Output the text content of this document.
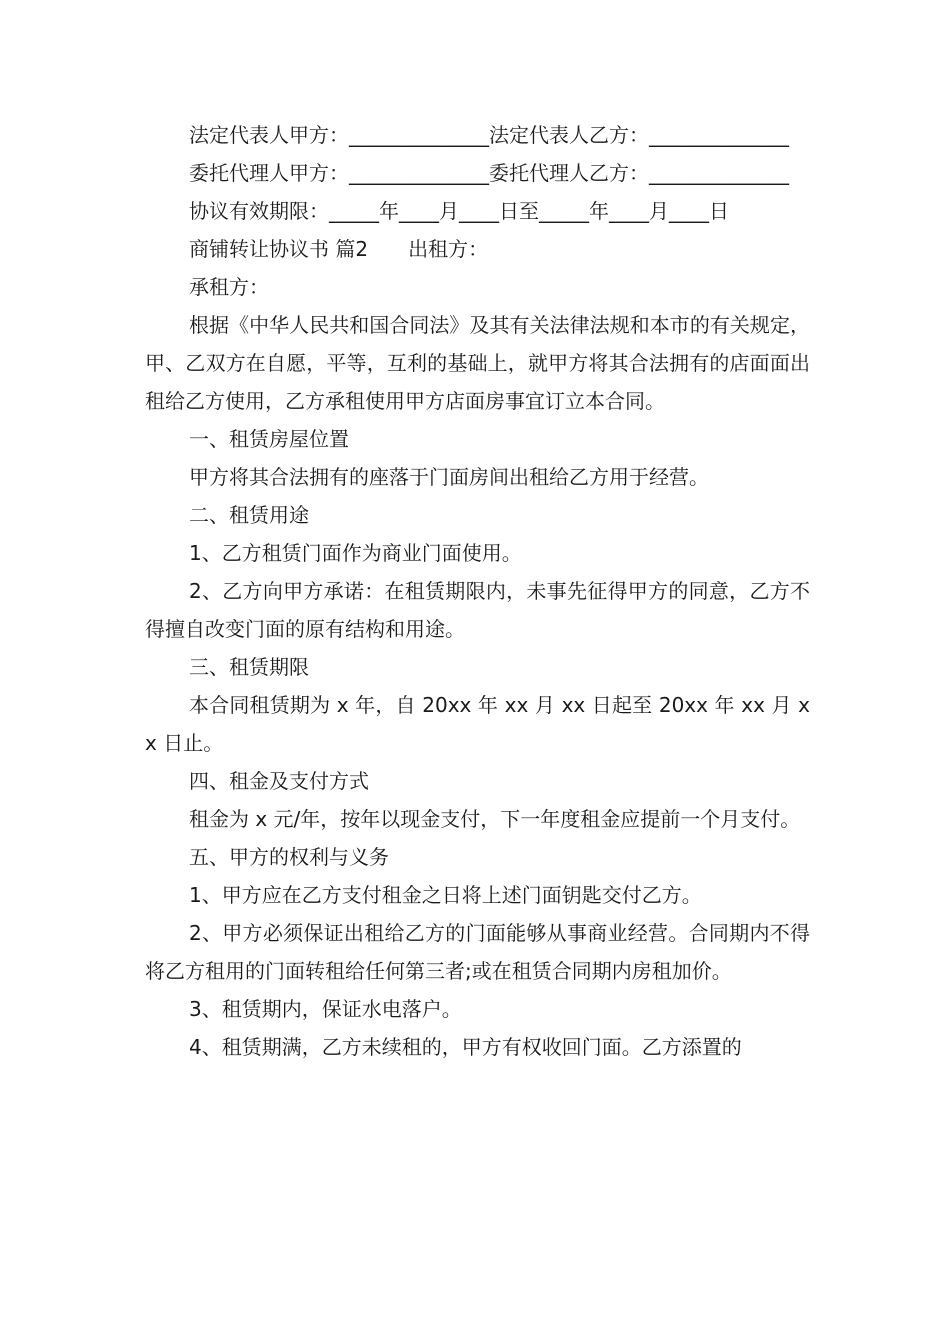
法定代表人甲方：______________法定代表人乙方：______________

委托代理人甲方：______________委托代理人乙方：______________

协议有效期限：_____年____月____日至_____年____月____日

商铺转让协议书 篇2　　出租方：

承租方：

根据《中华人民共和国合同法》及其有关法律法规和本市的有关规定，甲、乙双方在自愿，平等，互利的基础上，就甲方将其合法拥有的店面面出租给乙方使用，乙方承租使用甲方店面房事宜订立本合同。

一、租赁房屋位置

甲方将其合法拥有的座落于门面房间出租给乙方用于经营。

二、租赁用途

1、乙方租赁门面作为商业门面使用。

2、乙方向甲方承诺：在租赁期限内，未事先征得甲方的同意，乙方不得擅自改变门面的原有结构和用途。

三、租赁期限

本合同租赁期为 x 年，自 20xx 年 xx 月 xx 日起至 20xx 年 xx 月 xx 日止。

四、租金及支付方式

租金为 x 元/年，按年以现金支付，下一年度租金应提前一个月支付。

五、甲方的权利与义务

1、甲方应在乙方支付租金之日将上述门面钥匙交付乙方。

2、甲方必须保证出租给乙方的门面能够从事商业经营。合同期内不得将乙方租用的门面转租给任何第三者;或在租赁合同期内房租加价。

3、租赁期内，保证水电落户。

4、租赁期满，乙方未续租的，甲方有权收回门面。乙方添置的
